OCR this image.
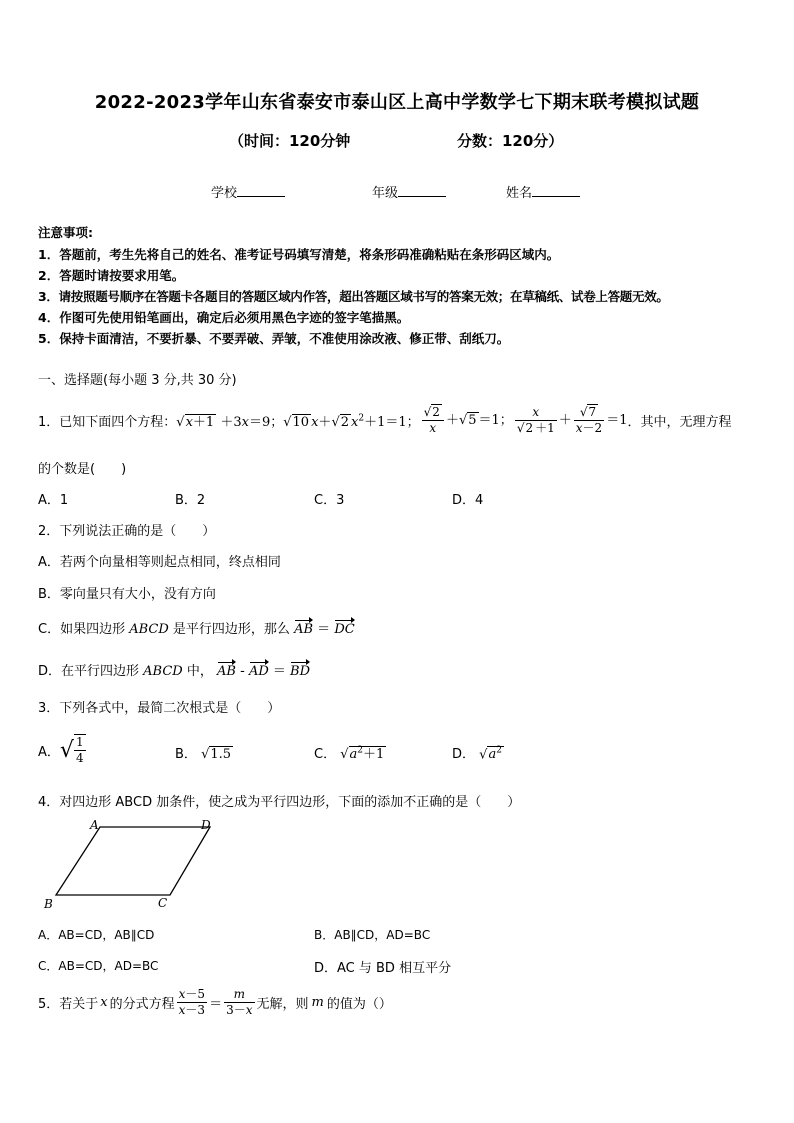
2022-2023学年山东省泰安市泰山区上高中学数学七下期末联考模拟试题
（时间：120分钟	分数：120分）
学校	年级	姓名
注意事项:
1．答题前，考生先将自己的姓名、准考证号码填写清楚，将条形码准确粘贴在条形码区域内。
2．答题时请按要求用笔。
3．请按照题号顺序在答题卡各题目的答题区域内作答，超出答题区域书写的答案无效；在草稿纸、试卷上答题无效。
4．作图可先使用铅笔画出，确定后必须用黑色字迹的签字笔描黑。
5．保持卡面清洁，不要折暴、不要弄破、弄皱，不准使用涂改液、修正带、刮纸刀。
一、选择题(每小题 3 分,共 30 分)
1．已知下面四个方程： √x＋1 ＋3x＝9； √10 x＋√2 $x^2+1=1$； $\frac{√2}{x} +√5 =1$； $\frac{x}{√2 +1} + \frac{√7}{x-2} =1$ ．其中，无理方程
的个数是(　　)
A．1	B．2	C．3	D．4
2．下列说法正确的是（　　）
A．若两个向量相等则起点相同，终点相同
B．零向量只有大小，没有方向
C．如果四边形 ABCD 是平行四边形，那么 AB ＝ DC
D．在平行四边形 ABCD 中， AB - AD ＝ BD
3．下列各式中，最简二次根式是（　　）
A． √ $\frac{1}{4}$	B． √1.5	C． $√a^2+1$	D． $√a^2$
4．对四边形 ABCD 加条件，使之成为平行四边形，下面的添加不正确的是（　　）
A	D
B	C
A．AB=CD，AB∥CD	B．AB∥CD，AD=BC
C．AB=CD，AD=BC	D．AC 与 BD 相互平分
5．若关于 x 的分式方程 $\frac{x-5}{x-3} = \frac{m}{3-x}$ 无解，则 m 的值为（）
